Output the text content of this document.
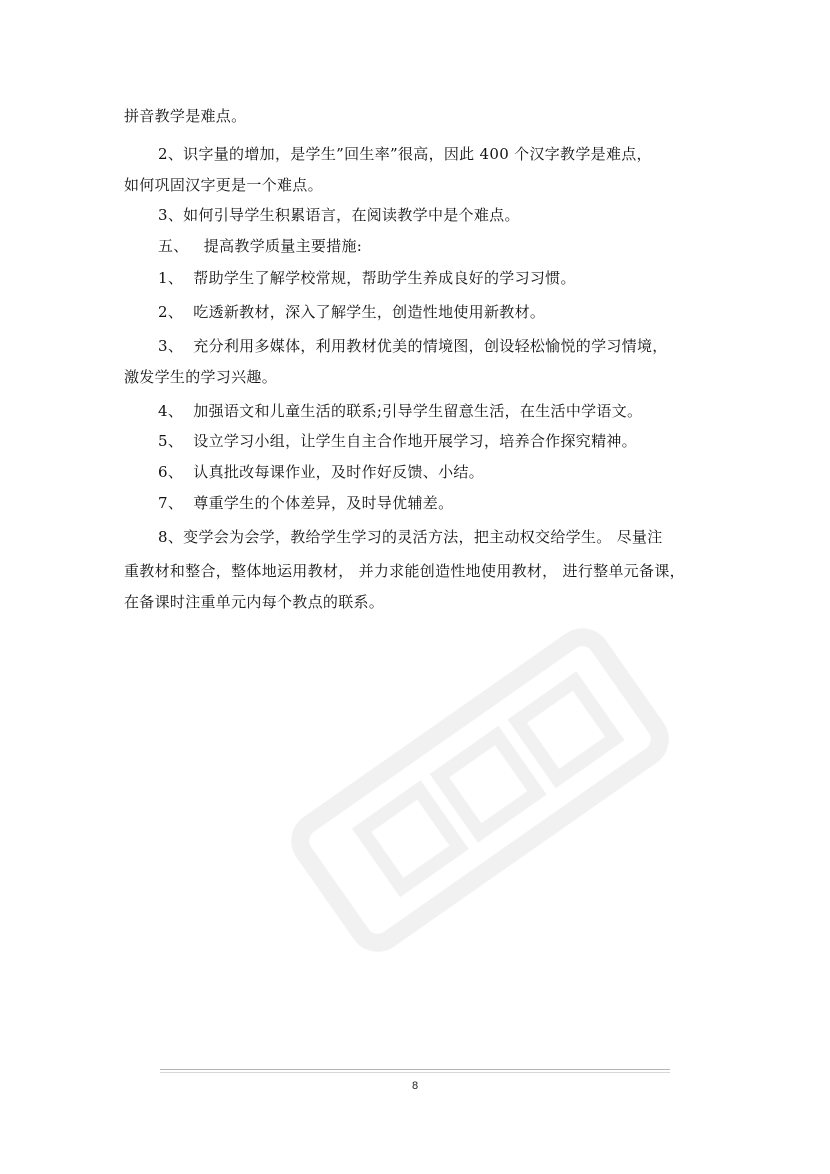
拼音教学是难点。
2、识字量的增加，是学生”回生率”很高，因此 400 个汉字教学是难点，
如何巩固汉字更是一个难点。
3、如何引导学生积累语言，在阅读教学中是个难点。
五、   提高教学质量主要措施:
1、  帮助学生了解学校常规，帮助学生养成良好的学习习惯。
2、  吃透新教材，深入了解学生，创造性地使用新教材。
3、  充分利用多媒体，利用教材优美的情境图，创设轻松愉悦的学习情境，
激发学生的学习兴趣。
4、  加强语文和儿童生活的联系;引导学生留意生活，在生活中学语文。
5、  设立学习小组，让学生自主合作地开展学习，培养合作探究精神。
6、  认真批改每课作业，及时作好反馈、小结。
7、  尊重学生的个体差异，及时导优辅差。
8、变学会为会学，教给学生学习的灵活方法，把主动权交给学生。 尽量注
重教材和整合，整体地运用教材， 并力求能创造性地使用教材， 进行整单元备课，
在备课时注重单元内每个教点的联系。
8
